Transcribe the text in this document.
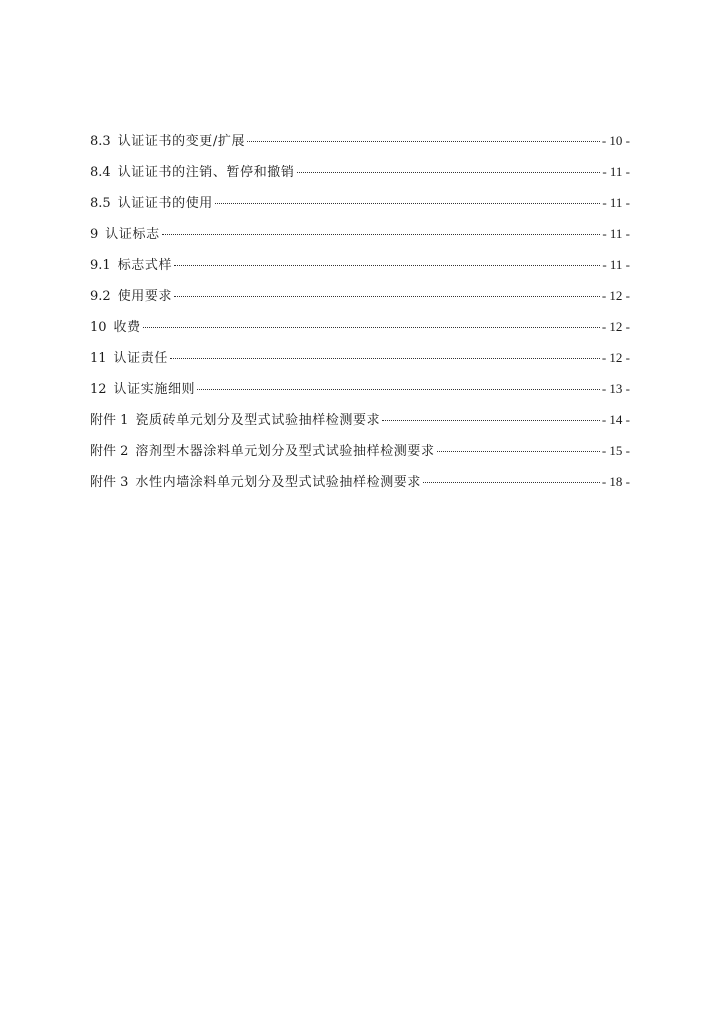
8.3 认证证书的变更/扩展	- 10 -
8.4 认证证书的注销、暂停和撤销	- 11 -
8.5 认证证书的使用	- 11 -
9 认证标志	- 11 -
9.1 标志式样	- 11 -
9.2 使用要求	- 12 -
10 收费	- 12 -
11 认证责任	- 12 -
12 认证实施细则	- 13 -
附件 1 瓷质砖单元划分及型式试验抽样检测要求	- 14 -
附件 2 溶剂型木器涂料单元划分及型式试验抽样检测要求	- 15 -
附件 3 水性内墙涂料单元划分及型式试验抽样检测要求	- 18 -
